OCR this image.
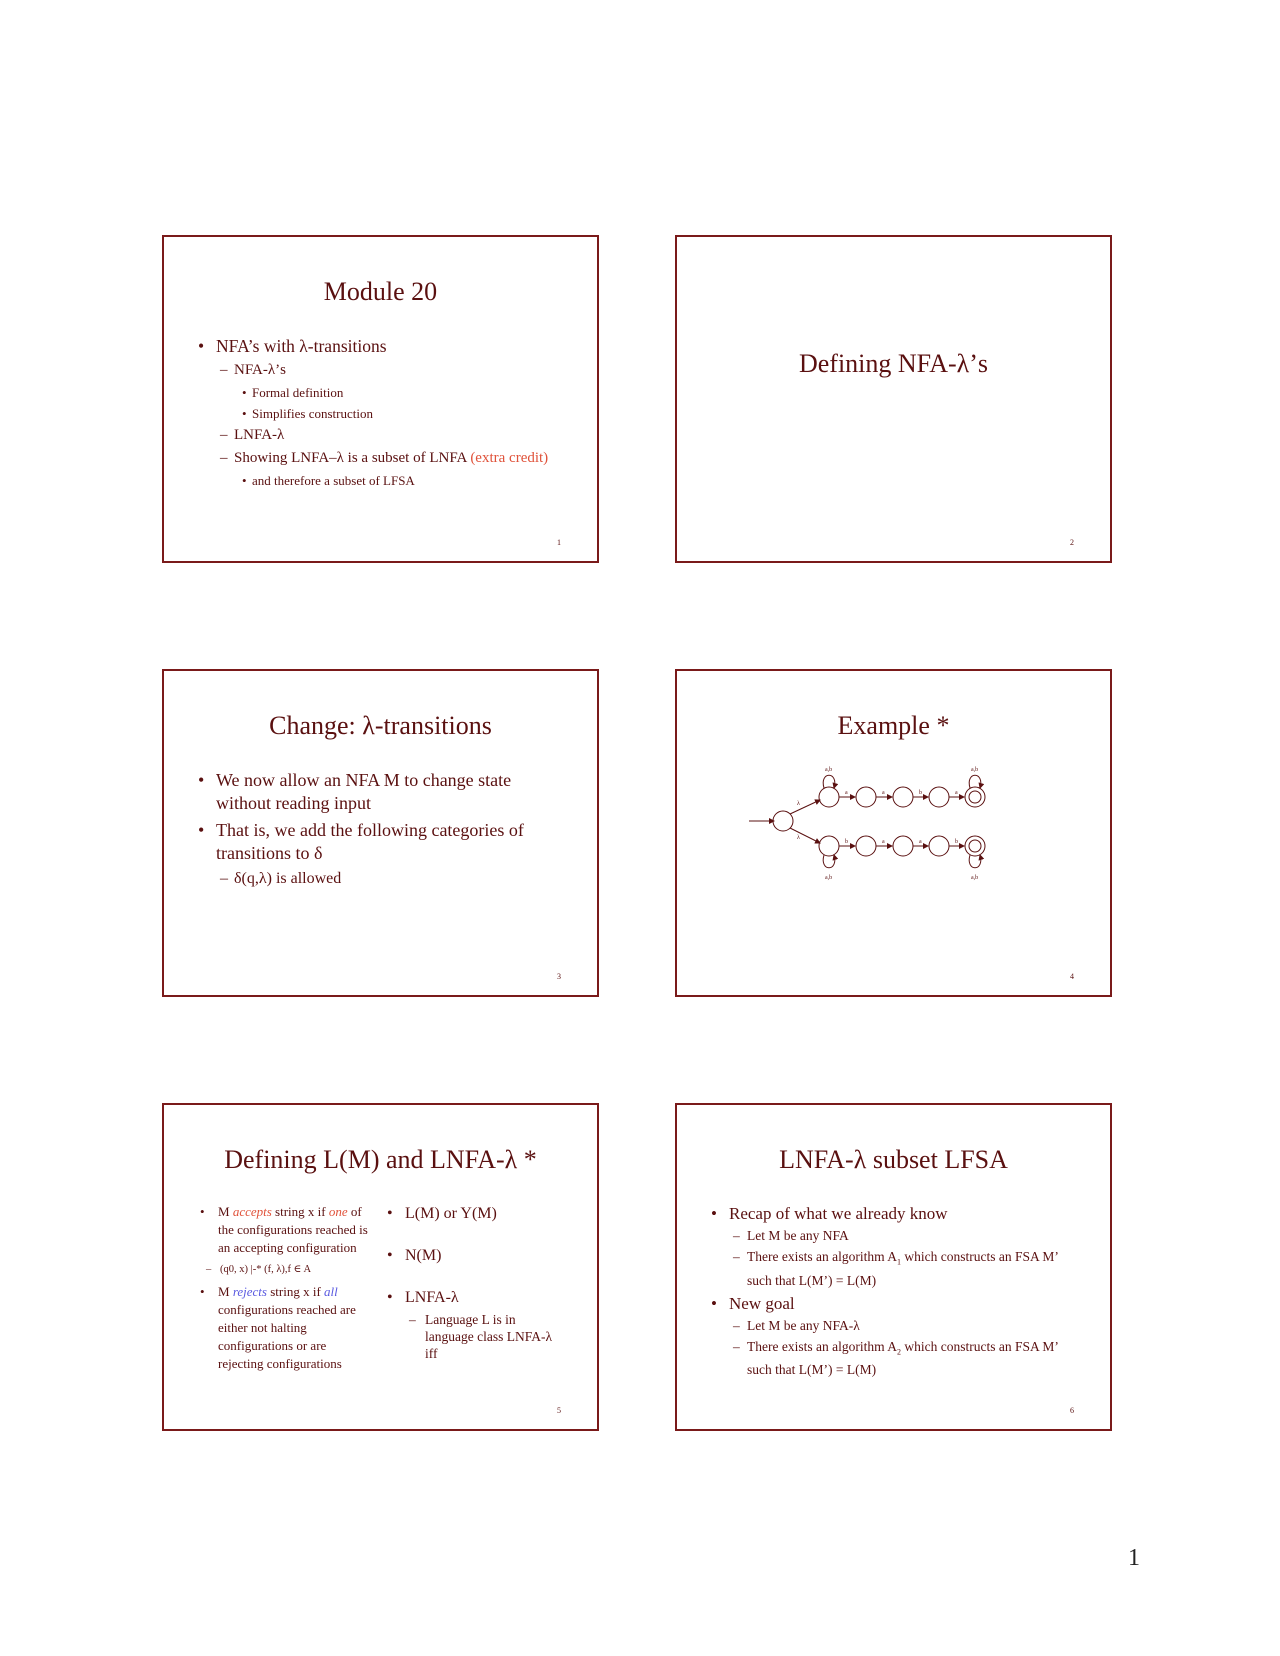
Module 20
• NFA’s with λ-transitions
– NFA-λ’s
• Formal definition
• Simplifies construction
– LNFA-λ
– Showing LNFA–λ is a subset of LNFA (extra credit)
• and therefore a subset of LFSA
1
Defining NFA-λ’s
2
Change: λ-transitions
• We now allow an NFA M to change state without reading input
• That is, we add the following categories of transitions to δ
– δ(q,λ) is allowed
3
Example *
λ
λ
a,b	a,b
a,b	a,b
a	a	b	a
b	a	a	b
4
Defining L(M) and LNFA-λ *
• M accepts string x if one of the configurations reached is an accepting configuration
– (q0, x) |-* (f, λ),f ∈ A
• M rejects string x if all configurations reached are either not halting configurations or are rejecting configurations
• L(M) or Y(M)
• N(M)
• LNFA-λ
– Language L is in language class LNFA-λ iff
5
LNFA-λ subset LFSA
• Recap of what we already know
– Let M be any NFA
– There exists an algorithm $A_1$ which constructs an FSA M’ such that L(M’) = L(M)
• New goal
– Let M be any NFA-λ
– There exists an algorithm $A_2$ which constructs an FSA M’ such that L(M’) = L(M)
6
1
